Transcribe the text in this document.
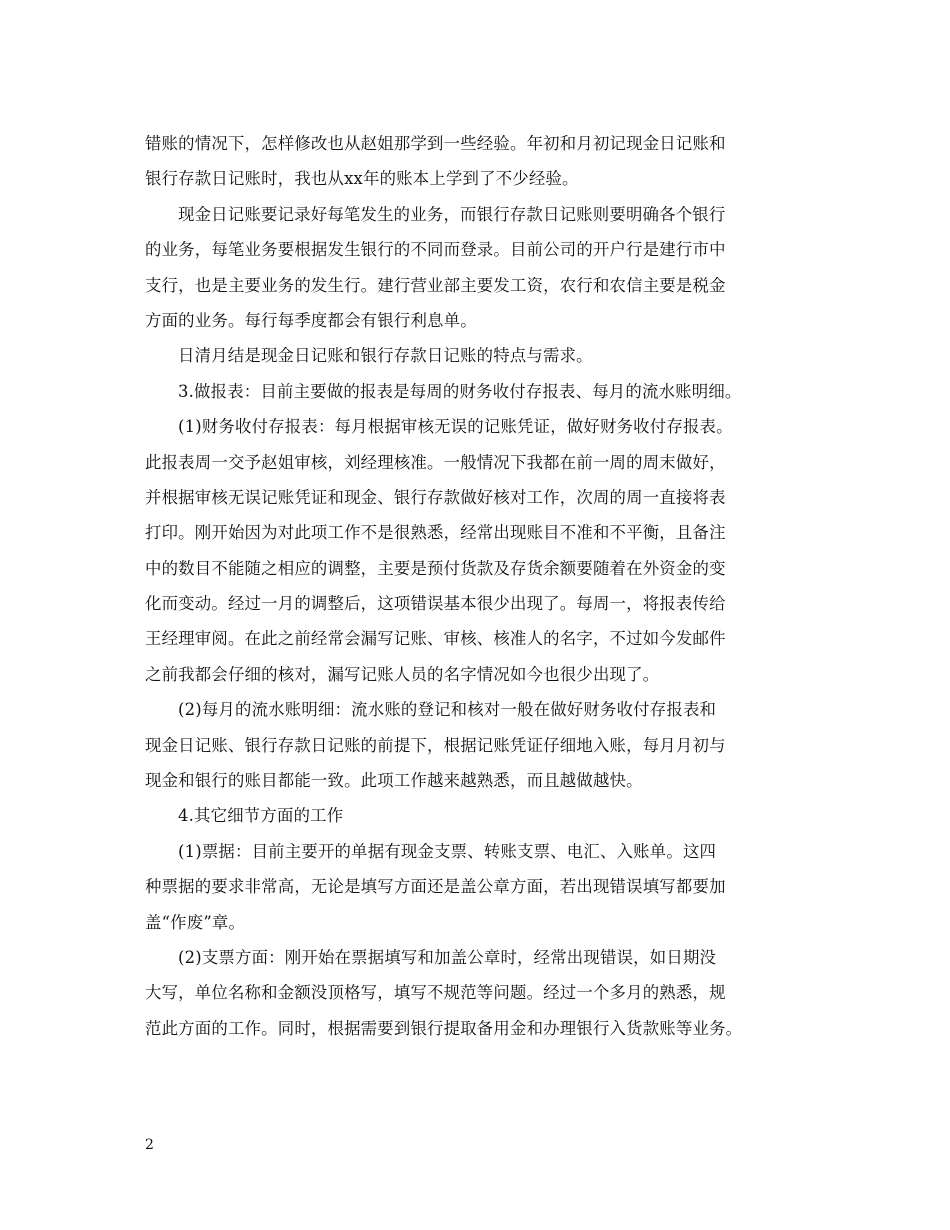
错账的情况下，怎样修改也从赵姐那学到一些经验。年初和月初记现金日记账和
银行存款日记账时，我也从xx年的账本上学到了不少经验。

现金日记账要记录好每笔发生的业务，而银行存款日记账则要明确各个银行
的业务，每笔业务要根据发生银行的不同而登录。目前公司的开户行是建行市中
支行，也是主要业务的发生行。建行营业部主要发工资，农行和农信主要是税金
方面的业务。每行每季度都会有银行利息单。

日清月结是现金日记账和银行存款日记账的特点与需求。

3.做报表：目前主要做的报表是每周的财务收付存报表、每月的流水账明细。

(1)财务收付存报表：每月根据审核无误的记账凭证，做好财务收付存报表。
此报表周一交予赵姐审核，刘经理核准。一般情况下我都在前一周的周末做好，
并根据审核无误记账凭证和现金、银行存款做好核对工作，次周的周一直接将表
打印。刚开始因为对此项工作不是很熟悉，经常出现账目不准和不平衡，且备注
中的数目不能随之相应的调整，主要是预付货款及存货余额要随着在外资金的变
化而变动。经过一月的调整后，这项错误基本很少出现了。每周一，将报表传给
王经理审阅。在此之前经常会漏写记账、审核、核准人的名字，不过如今发邮件
之前我都会仔细的核对，漏写记账人员的名字情况如今也很少出现了。

(2)每月的流水账明细：流水账的登记和核对一般在做好财务收付存报表和
现金日记账、银行存款日记账的前提下，根据记账凭证仔细地入账，每月月初与
现金和银行的账目都能一致。此项工作越来越熟悉，而且越做越快。

4.其它细节方面的工作

(1)票据：目前主要开的单据有现金支票、转账支票、电汇、入账单。这四
种票据的要求非常高，无论是填写方面还是盖公章方面，若出现错误填写都要加
盖“作废”章。

(2)支票方面：刚开始在票据填写和加盖公章时，经常出现错误，如日期没
大写，单位名称和金额没顶格写，填写不规范等问题。经过一个多月的熟悉，规
范此方面的工作。同时，根据需要到银行提取备用金和办理银行入货款账等业务。

2
